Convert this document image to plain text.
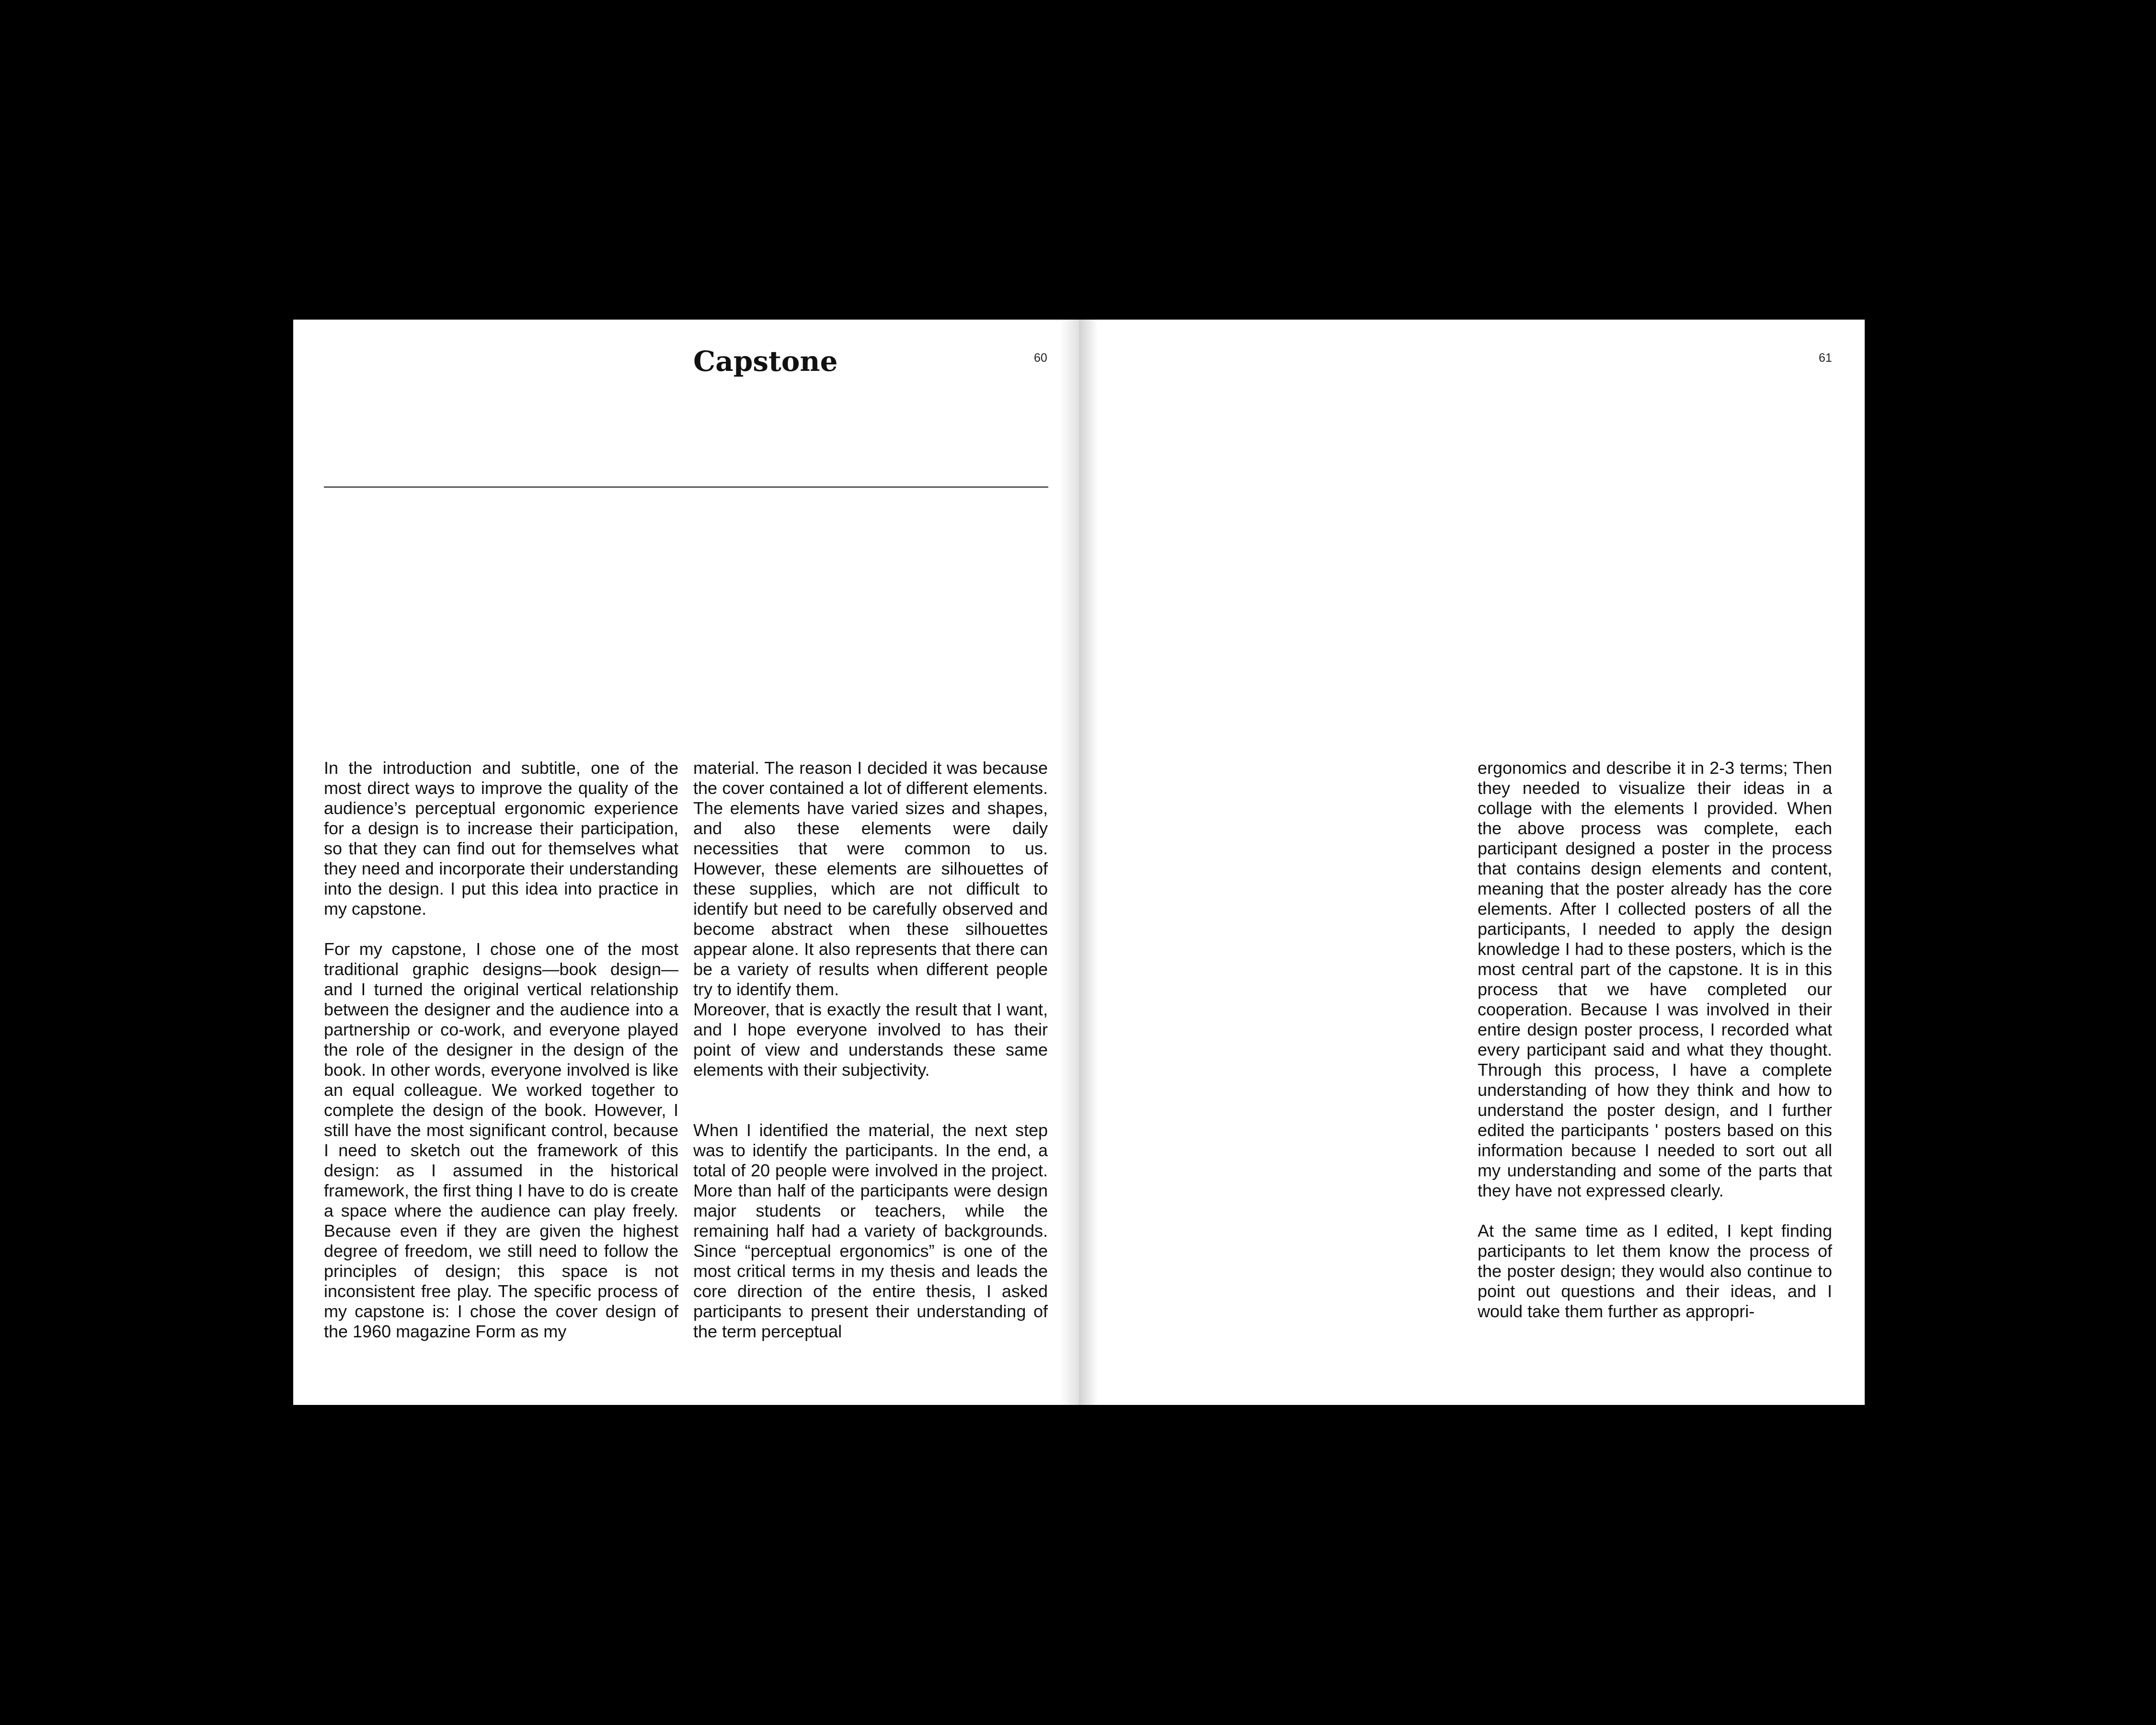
Capstone	60

In the introduction and subtitle, one of the most direct ways to improve the quality of the audience’s perceptual ergonomic experience for a design is to increase their participation, so that they can find out for themselves what they need and incorporate their understanding into the design. I put this idea into practice in my capstone.

For my capstone, I chose one of the most traditional graphic designs—book design—and I turned the original vertical relationship between the designer and the audience into a partnership or co-work, and everyone played the role of the designer in the design of the book. In other words, everyone involved is like an equal colleague. We worked together to complete the design of the book. However, I still have the most significant control, because I need to sketch out the framework of this design: as I assumed in the historical framework, the first thing I have to do is create a space where the audience can play freely. Because even if they are given the highest degree of freedom, we still need to follow the principles of design; this space is not inconsistent free play. The specific process of my capstone is: I chose the cover design of the 1960 magazine Form as my

material. The reason I decided it was because the cover contained a lot of different elements. The elements have varied sizes and shapes, and also these elements were daily necessities that were common to us. However, these elements are silhouettes of these supplies, which are not difficult to identify but need to be carefully observed and become abstract when these silhouettes appear alone. It also represents that there can be a variety of results when different people try to identify them.

Moreover, that is exactly the result that I want, and I hope everyone involved to has their point of view and understands these same elements with their subjectivity.

When I identified the material, the next step was to identify the participants. In the end, a total of 20 people were involved in the project. More than half of the participants were design major students or teachers, while the remaining half had a variety of backgrounds. Since “perceptual ergonomics” is one of the most critical terms in my thesis and leads the core direction of the entire thesis, I asked participants to present their understanding of the term perceptual

61

ergonomics and describe it in 2-3 terms; Then they needed to visualize their ideas in a collage with the elements I provided. When the above process was complete, each participant designed a poster in the process that contains design elements and content, meaning that the poster already has the core elements. After I collected posters of all the participants, I needed to apply the design knowledge I had to these posters, which is the most central part of the capstone. It is in this process that we have completed our cooperation. Because I was involved in their entire design poster process, I recorded what every participant said and what they thought. Through this process, I have a complete understanding of how they think and how to understand the poster design, and I further edited the participants ' posters based on this information because I needed to sort out all my understanding and some of the parts that they have not expressed clearly.

At the same time as I edited, I kept finding participants to let them know the process of the poster design; they would also continue to point out questions and their ideas, and I would take them further as appropri-
